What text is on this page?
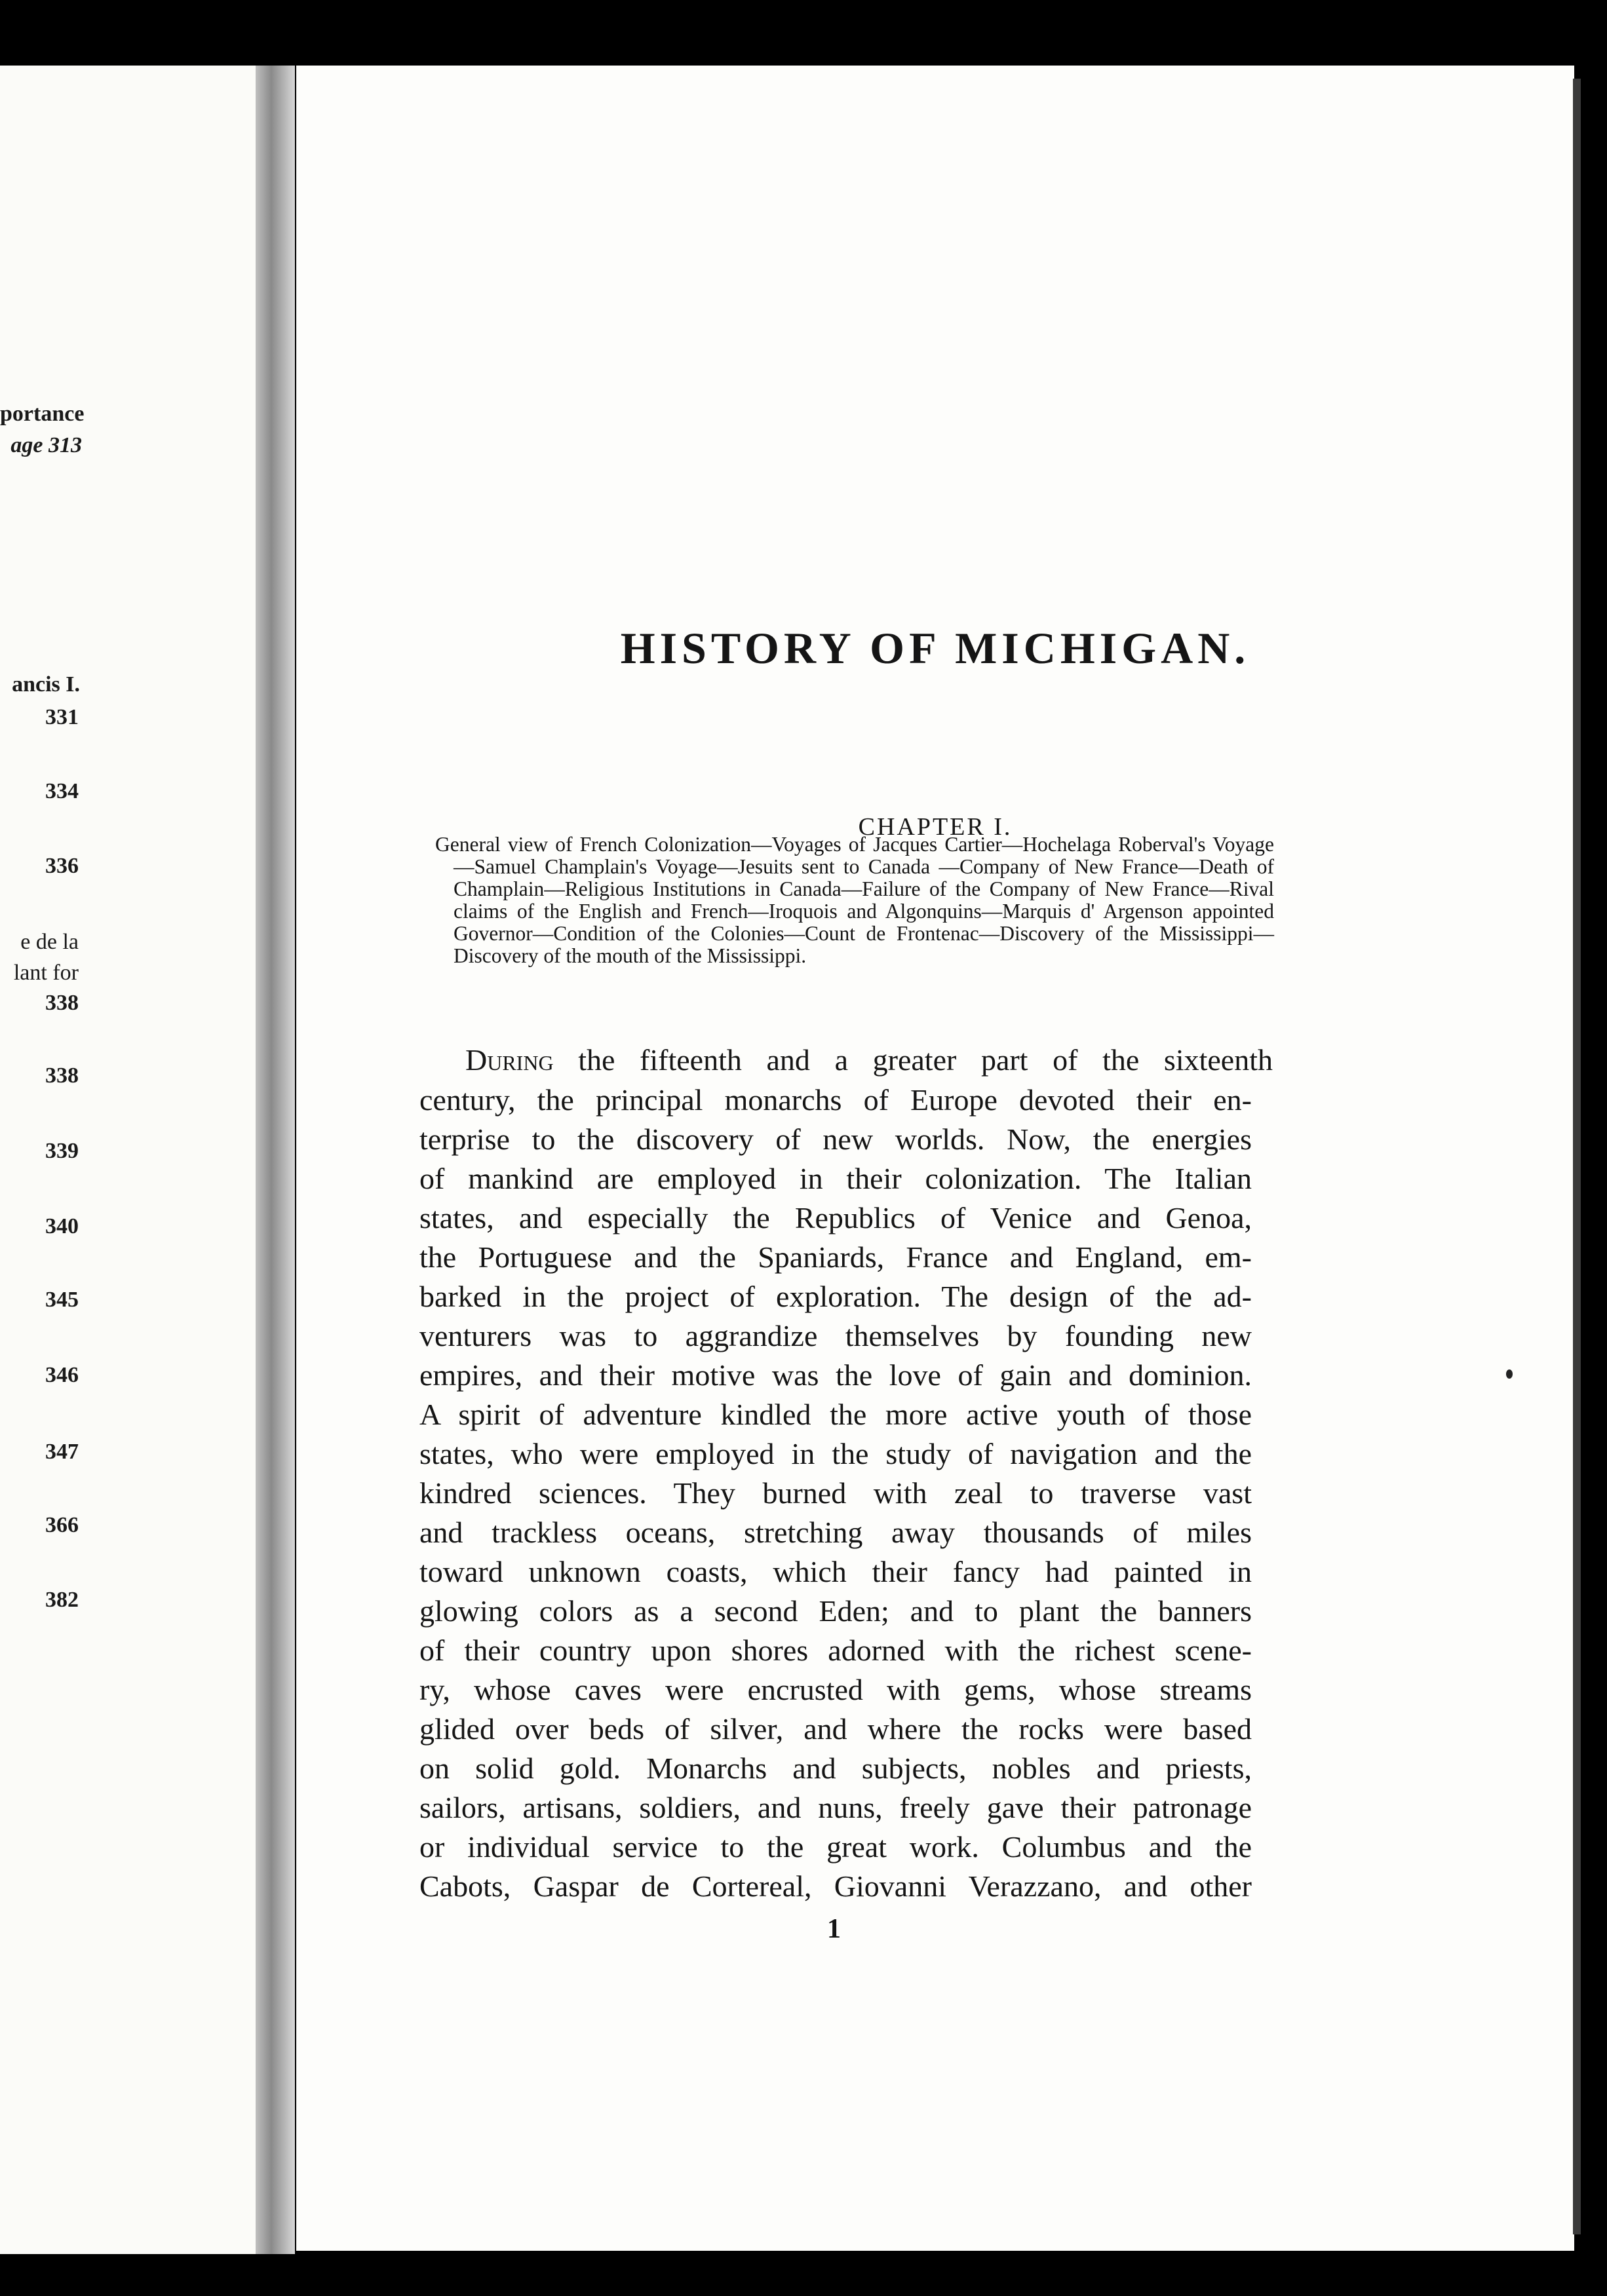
portance
age 313
ancis I.
e de la
lant for
331
334
336
338
338
339
340
345
346
347
366
382
HISTORY OF MICHIGAN.
CHAPTER I.
General view of French Colonization—Voyages of Jacques Cartier—Hochelaga Roberval's Voyage—Samuel Champlain's Voyage—Jesuits sent to Canada —Company of New France—Death of Champlain—Religious Institutions in Canada—Failure of the Company of New France—Rival claims of the English and French—Iroquois and Algonquins—Marquis d' Argenson appointed Governor—Condition of the Colonies—Count de Frontenac—Discovery of the Mississippi—Discovery of the mouth of the Mississippi.
During the fifteenth and a greater part of the sixteenth
century, the principal monarchs of Europe devoted their en-
terprise to the discovery of new worlds. Now, the energies
of mankind are employed in their colonization. The Italian
states, and especially the Republics of Venice and Genoa,
the Portuguese and the Spaniards, France and England, em-
barked in the project of exploration. The design of the ad-
venturers was to aggrandize themselves by founding new
empires, and their motive was the love of gain and dominion.
A spirit of adventure kindled the more active youth of those
states, who were employed in the study of navigation and the
kindred sciences. They burned with zeal to traverse vast
and trackless oceans, stretching away thousands of miles
toward unknown coasts, which their fancy had painted in
glowing colors as a second Eden; and to plant the banners
of their country upon shores adorned with the richest scene-
ry, whose caves were encrusted with gems, whose streams
glided over beds of silver, and where the rocks were based
on solid gold. Monarchs and subjects, nobles and priests,
sailors, artisans, soldiers, and nuns, freely gave their patronage
or individual service to the great work. Columbus and the
Cabots, Gaspar de Cortereal, Giovanni Verazzano, and other
1
